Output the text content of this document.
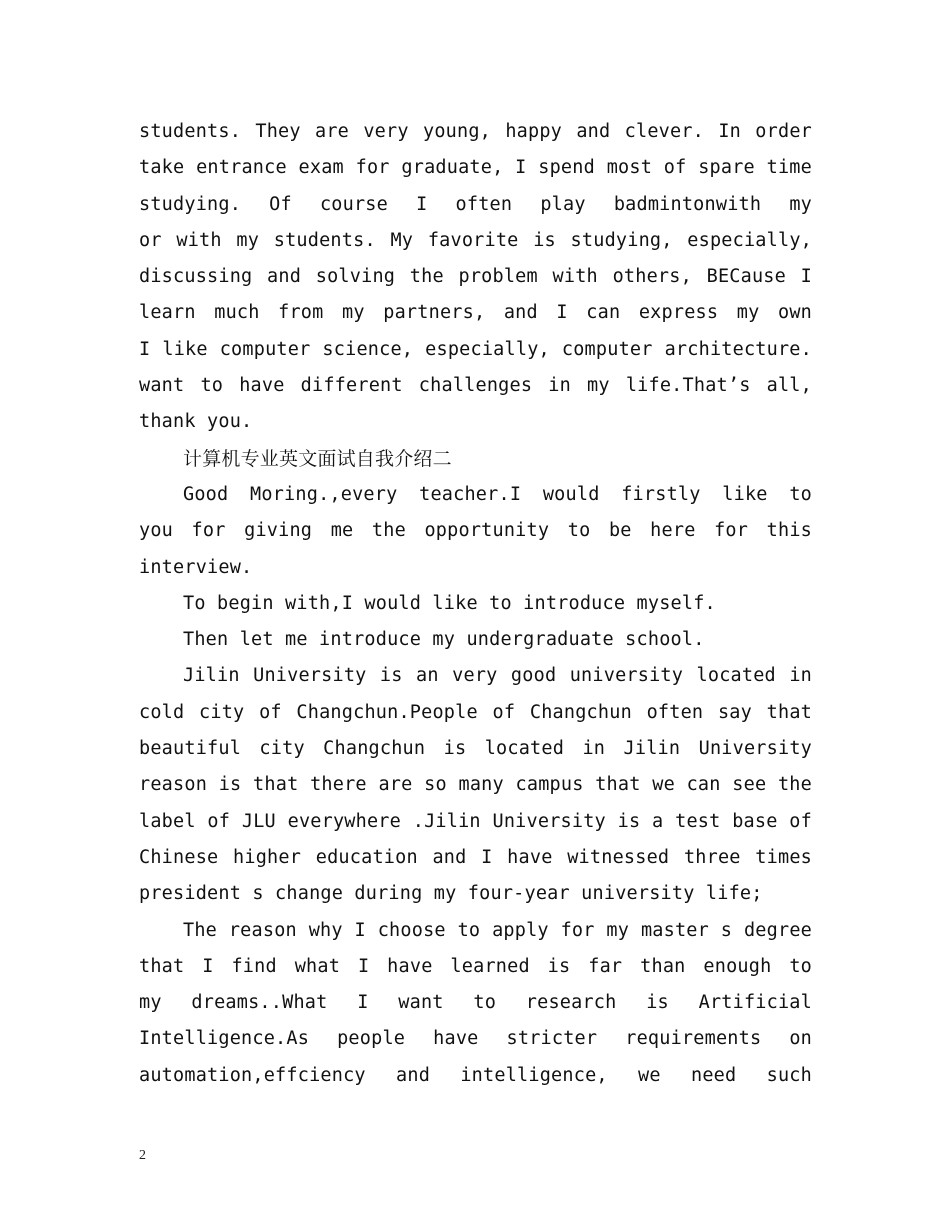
students. They are very young, happy and clever. In order
take entrance exam for graduate, I spend most of spare time
studying. Of course I often play badmintonwith my
or with my students. My favorite is studying, especially,
discussing and solving the problem with others, BECause I
learn much from my partners, and I can express my own
I like computer science, especially, computer architecture.
want to have different challenges in my life.That’s all,
thank you.
计算机专业英文面试自我介绍二
Good Moring.,every teacher.I would firstly like to
you for giving me the opportunity to be here for this
interview.
To begin with,I would like to introduce myself.
Then let me introduce my undergraduate school.
Jilin University is an very good university located in
cold city of Changchun.People of Changchun often say that
beautiful city Changchun is located in Jilin University
reason is that there are so many campus that we can see the
label of JLU everywhere .Jilin University is a test base of
Chinese higher education and I have witnessed three times
president s change during my four-year university life;
The reason why I choose to apply for my master s degree
that I find what I have learned is far than enough to
my dreams..What I want to research is Artificial
Intelligence.As people have stricter requirements on
automation,effciency and intelligence, we need such
2
